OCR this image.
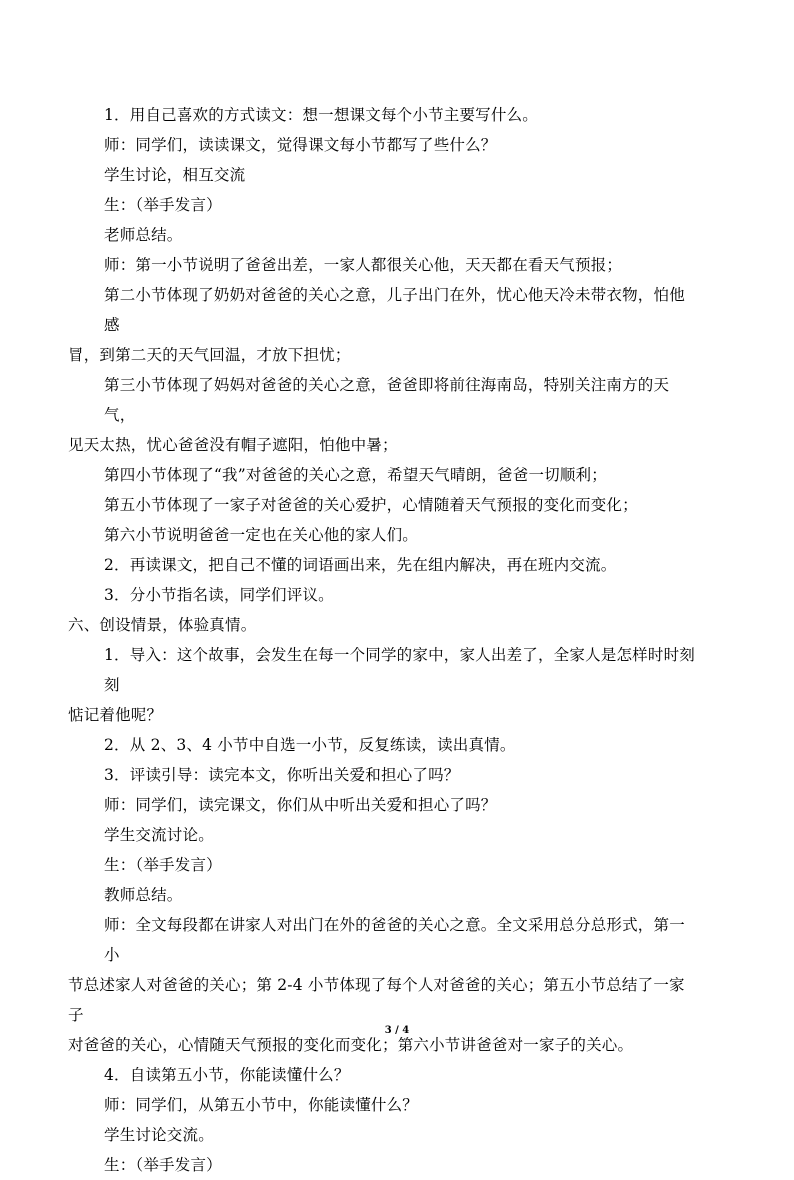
1．用自己喜欢的方式读文：想一想课文每个小节主要写什么。

师：同学们，读读课文，觉得课文每小节都写了些什么？

学生讨论，相互交流

生：（举手发言）

老师总结。

师：第一小节说明了爸爸出差，一家人都很关心他，天天都在看天气预报；

第二小节体现了奶奶对爸爸的关心之意，儿子出门在外，忧心他天冷未带衣物，怕他感

冒，到第二天的天气回温，才放下担忧；

第三小节体现了妈妈对爸爸的关心之意，爸爸即将前往海南岛，特别关注南方的天气，

见天太热，忧心爸爸没有帽子遮阳，怕他中暑；

第四小节体现了“我”对爸爸的关心之意，希望天气晴朗，爸爸一切顺利；

第五小节体现了一家子对爸爸的关心爱护，心情随着天气预报的变化而变化；

第六小节说明爸爸一定也在关心他的家人们。

2．再读课文，把自己不懂的词语画出来，先在组内解决，再在班内交流。

3．分小节指名读，同学们评议。

六、创设情景，体验真情。

1．导入：这个故事，会发生在每一个同学的家中，家人出差了，全家人是怎样时时刻刻

惦记着他呢？

2．从 2、3、4 小节中自选一小节，反复练读，读出真情。

3．评读引导：读完本文，你听出关爱和担心了吗？

师：同学们，读完课文，你们从中听出关爱和担心了吗？

学生交流讨论。

生：（举手发言）

教师总结。

师：全文每段都在讲家人对出门在外的爸爸的关心之意。全文采用总分总形式，第一小

节总述家人对爸爸的关心；第 2-4 小节体现了每个人对爸爸的关心；第五小节总结了一家子

对爸爸的关心，心情随天气预报的变化而变化；第六小节讲爸爸对一家子的关心。

4．自读第五小节，你能读懂什么？

师：同学们，从第五小节中，你能读懂什么？

学生讨论交流。

生：（举手发言）

3 / 4
